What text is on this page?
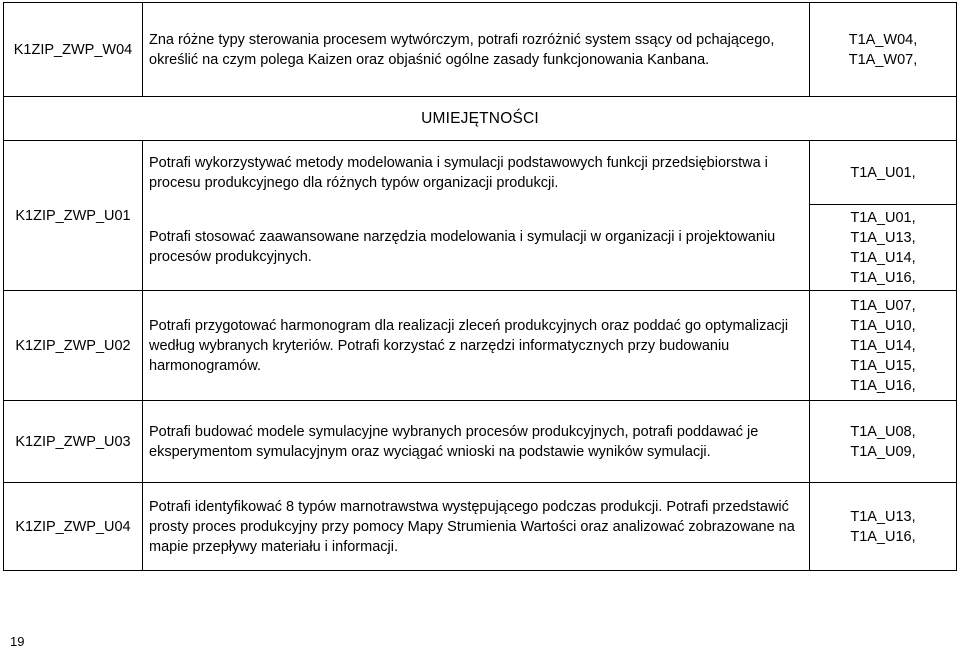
K1ZIP_ZWP_W04	Zna różne typy sterowania procesem wytwórczym, potrafi rozróżnić system ssący od pchającego, określić na czym polega Kaizen oraz objaśnić ogólne zasady funkcjonowania Kanbana.	T1A_W04,
T1A_W07,

UMIEJĘTNOŚCI		
K1ZIP_ZWP_U01	Potrafi wykorzystywać metody modelowania i symulacji podstawowych funkcji przedsiębiorstwa i procesu produkcyjnego dla różnych typów organizacji produkcji.	T1A_U01,

	Potrafi stosować zaawansowane narzędzia modelowania i symulacji w organizacji i projektowaniu procesów produkcyjnych.	T1A_U01,
T1A_U13,
T1A_U14,
T1A_U16,

K1ZIP_ZWP_U02	Potrafi przygotować harmonogram dla realizacji zleceń produkcyjnych oraz poddać go optymalizacji według wybranych kryteriów. Potrafi korzystać z narzędzi informatycznych przy budowaniu harmonogramów.	T1A_U07,
T1A_U10,
T1A_U14,
T1A_U15,
T1A_U16,

K1ZIP_ZWP_U03	Potrafi budować modele symulacyjne wybranych procesów produkcyjnych, potrafi poddawać je eksperymentom symulacyjnym oraz wyciągać wnioski na podstawie wyników symulacji.	T1A_U08,
T1A_U09,

K1ZIP_ZWP_U04	Potrafi identyfikować 8 typów marnotrawstwa występującego podczas produkcji. Potrafi przedstawić prosty proces produkcyjny przy pomocy Mapy Strumienia Wartości oraz analizować zobrazowane na mapie przepływy materiału i informacji.	T1A_U13,
T1A_U16,
19
